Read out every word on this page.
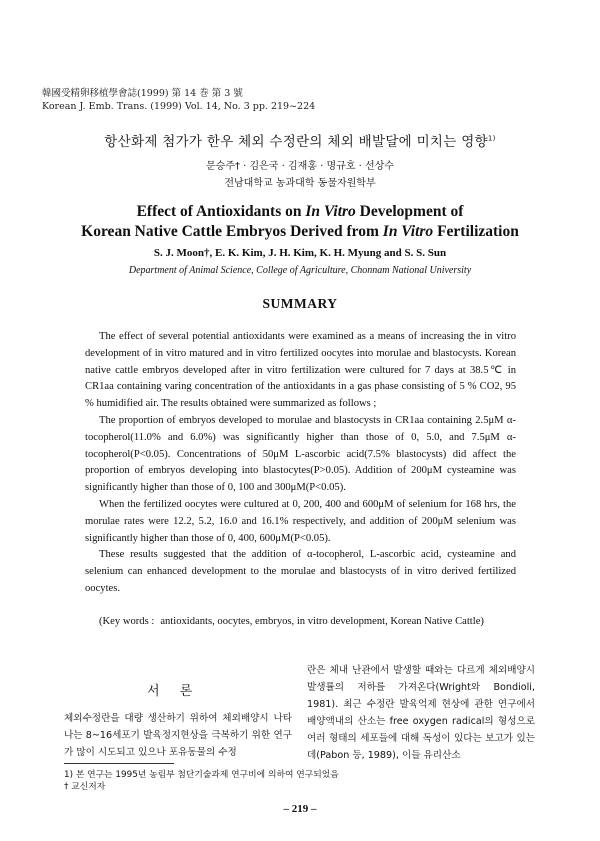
韓國受精卵移植學會誌(1999) 第 14 巻 第 3 號
Korean J. Emb. Trans. (1999) Vol. 14, No. 3 pp. 219~224
항산화제 첨가가 한우 체외 수정란의 체외 배발달에 미치는 영향$^{1)}$
문승주† · 김은국 · 김재홍 · 명규호 · 선상수
전남대학교 농과대학 동물자원학부
Effect of Antioxidants on In Vitro Development of
Korean Native Cattle Embryos Derived from In Vitro Fertilization
S. J. Moon†, E. K. Kim, J. H. Kim, K. H. Myung and S. S. Sun
Department of Animal Science, College of Agriculture, Chonnam National University
SUMMARY

The effect of several potential antioxidants were examined as a means of increasing the in vitro development of in vitro matured and in vitro fertilized oocytes into morulae and blastocysts. Korean native cattle embryos developed after in vitro fertilization were cultured for 7 days at 38.5℃ in CR1aa containing varing concentration of the antioxidants in a gas phase consisting of 5 % CO2, 95 % humidified air. The results obtained were summarized as follows ;

The proportion of embryos developed to morulae and blastocysts in CR1aa containing 2.5μM α-tocopherol(11.0% and 6.0%) was significantly higher than those of 0, 5.0, and 7.5μM α-tocopherol(P<0.05). Concentrations of 50μM L-ascorbic acid(7.5% blastocysts) did affect the proportion of embryos developing into blastocytes(P>0.05). Addition of 200μM cysteamine was significantly higher than those of 0, 100 and 300μM(P<0.05).

When the fertilized oocytes were cultured at 0, 200, 400 and 600μM of selenium for 168 hrs, the morulae rates were 12.2, 5.2, 16.0 and 16.1% respectively, and addition of 200μM selenium was significantly higher than those of 0, 400, 600μM(P<0.05).

These results suggested that the addition of α-tocopherol, L-ascorbic acid, cysteamine and selenium can enhanced development to the morulae and blastocysts of in vitro derived fertilized oocytes.

(Key words : antioxidants, oocytes, embryos, in vitro development, Korean Native Cattle)
서 론
체외수정란을 대량 생산하기 위하여 체외배양시 나타나는 8~16세포기 발육정지현상을 극복하기 위한 연구가 많이 시도되고 있으나 포유동물의 수정
란은 체내 난관에서 발생할 때와는 다르게 체외배양시 발생률의 저하를 가져온다(Wright와 Bondioli, 1981). 최근 수정란 발육억제 현상에 관한 연구에서 배양액내의 산소는 free oxygen radical의 형성으로 여러 형태의 세포들에 대해 독성이 있다는 보고가 있는데(Pabon 등, 1989), 이들 유리산소
1) 본 연구는 1995년 농림부 첨단기술과제 연구비에 의하여 연구되었음
† 교신저자
– 219 –
